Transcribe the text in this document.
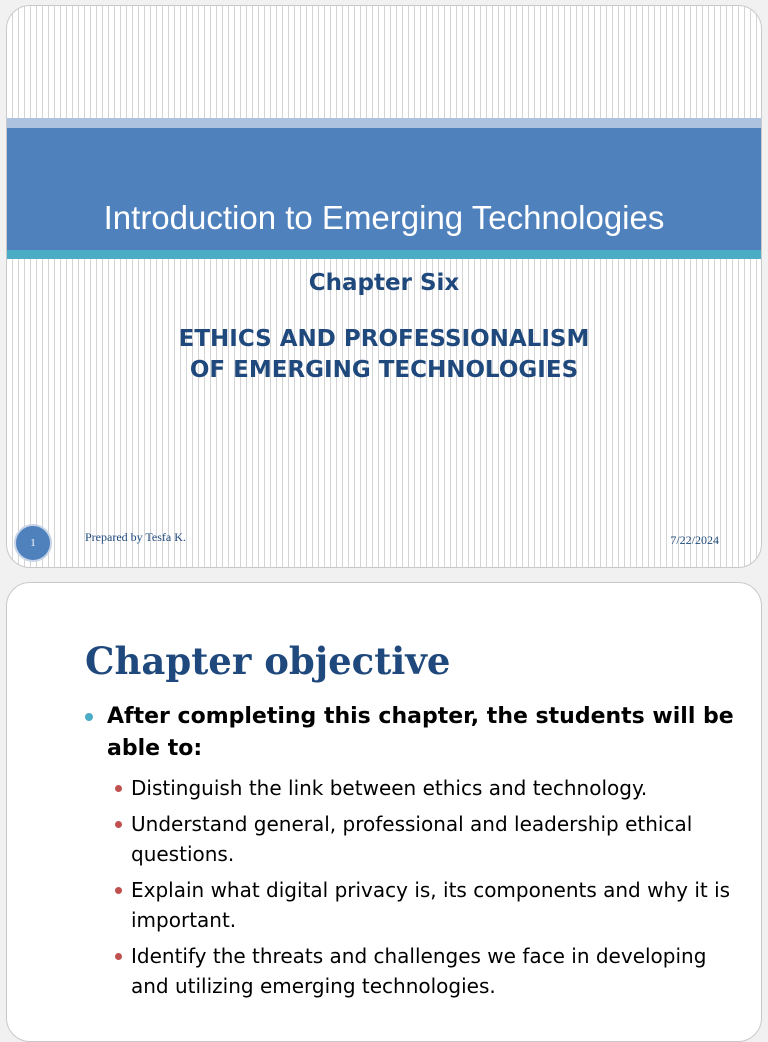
Introduction to Emerging Technologies
Chapter Six
ETHICS AND PROFESSIONALISM
OF EMERGING TECHNOLOGIES
1	Prepared by Tesfa K.	7/22/2024
Chapter objective
After completing this chapter, the students will be able to:
Distinguish the link between ethics and technology.
Understand general, professional and leadership ethical questions.
Explain what digital privacy is, its components and why it is important.
Identify the threats and challenges we face in developing and utilizing emerging technologies.
